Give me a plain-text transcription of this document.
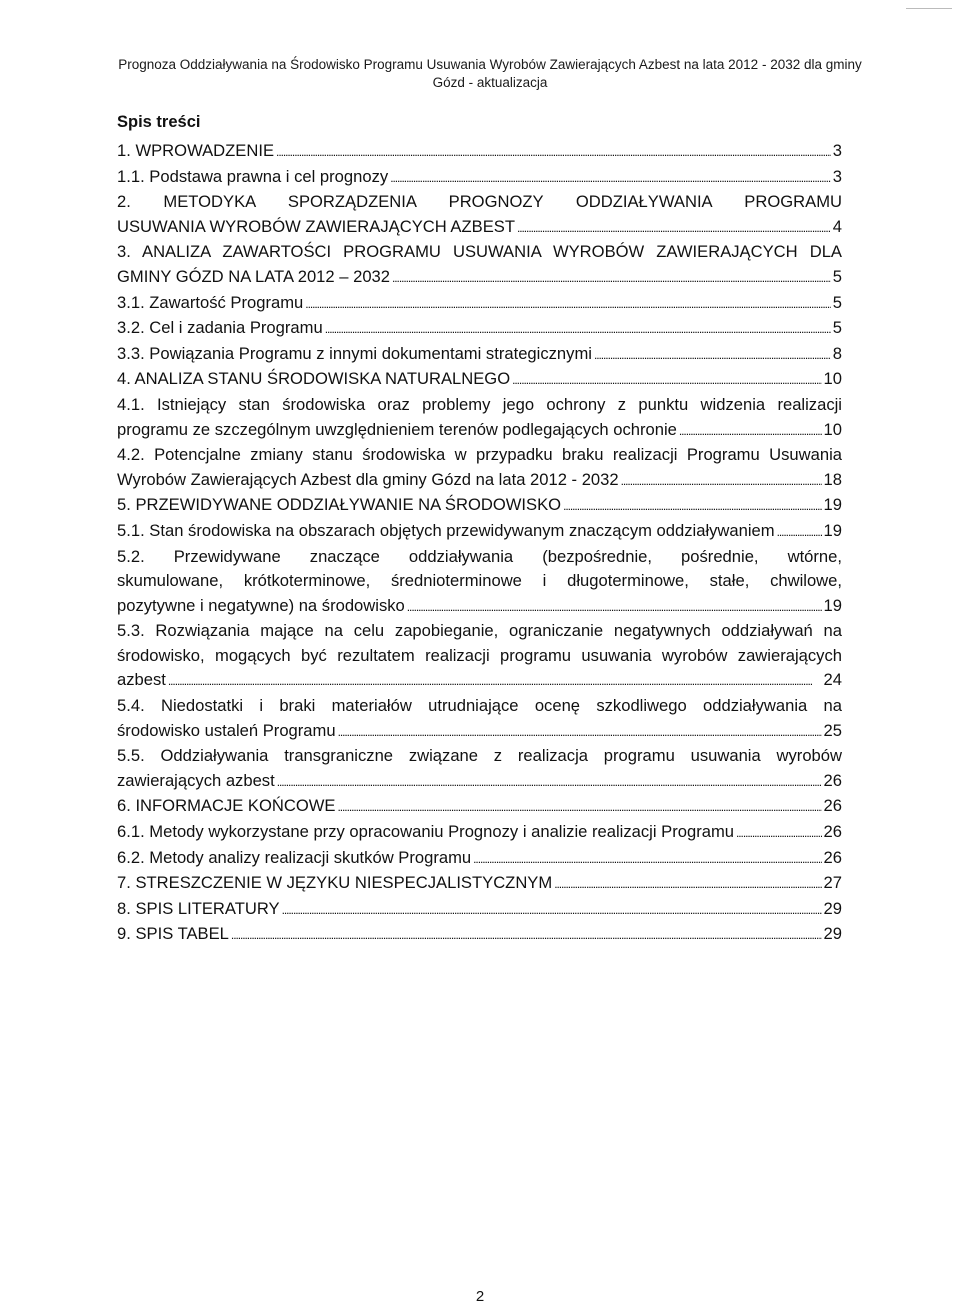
Prognoza Oddziaływania na Środowisko Programu Usuwania Wyrobów Zawierających Azbest na lata 2012 - 2032 dla gminy
Gózd - aktualizacja
Spis treści
1. WPROWADZENIE . . .	3
1.1. Podstawa prawna i cel prognozy . . .	3
2. METODYKA SPORZĄDZENIA PROGNOZY ODDZIAŁYWANIA PROGRAMU
USUWANIA WYROBÓW ZAWIERAJĄCYCH AZBEST . . .	4
3. ANALIZA ZAWARTOŚCI PROGRAMU USUWANIA WYROBÓW ZAWIERAJĄCYCH DLA
GMINY GÓZD NA LATA 2012 – 2032 . . .	5
3.1. Zawartość Programu . . .	5
3.2. Cel i zadania Programu . . .	5
3.3. Powiązania Programu z innymi dokumentami strategicznymi . . .	8
4. ANALIZA STANU ŚRODOWISKA NATURALNEGO . . .	10
4.1. Istniejący stan środowiska oraz problemy jego ochrony z punktu widzenia realizacji
programu ze szczególnym uwzględnieniem terenów podlegających ochronie . . .	10
4.2. Potencjalne zmiany stanu środowiska w przypadku braku realizacji Programu Usuwania
Wyrobów Zawierających Azbest dla gminy Gózd na lata 2012 - 2032 . . .	18
5. PRZEWIDYWANE ODDZIAŁYWANIE NA ŚRODOWISKO . . .	19
5.1. Stan środowiska na obszarach objętych przewidywanym znaczącym oddziaływaniem . . .	19
5.2. Przewidywane znaczące oddziaływania (bezpośrednie, pośrednie, wtórne,
skumulowane, krótkoterminowe, średnioterminowe i długoterminowe, stałe, chwilowe,
pozytywne i negatywne) na środowisko . . .	19
5.3. Rozwiązania mające na celu zapobieganie, ograniczanie negatywnych oddziaływań na
środowisko, mogących być rezultatem realizacji programu usuwania wyrobów zawierających
azbest . . .	24
5.4. Niedostatki i braki materiałów utrudniające ocenę szkodliwego oddziaływania na
środowisko ustaleń Programu . . .	25
5.5. Oddziaływania transgraniczne związane z realizacja programu usuwania wyrobów
zawierających azbest . . .	26
6. INFORMACJE KOŃCOWE . . .	26
6.1. Metody wykorzystane przy opracowaniu Prognozy i analizie realizacji Programu . . .	26
6.2. Metody analizy realizacji skutków Programu . . .	26
7. STRESZCZENIE W JĘZYKU NIESPECJALISTYCZNYM . . .	27
8. SPIS LITERATURY . . .	29
9. SPIS TABEL . . .	29
2
